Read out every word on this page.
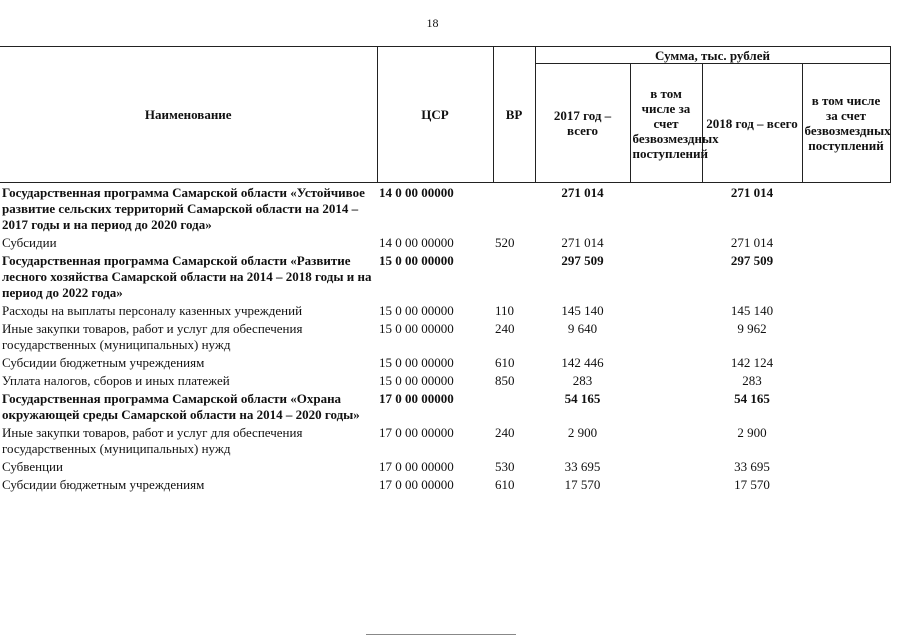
18
Наименование	ЦСР	ВР	Сумма, тыс. рублей			
			2017 год – всего	в том числе за счет безвозмездных поступлений	2018 год – всего	в том числе за счет безвозмездных поступлений
Государственная программа Самарской области «Устойчивое развитие сельских территорий Самарской области на 2014 – 2017 годы и на период до 2020 года»	14 0 00 00000		271 014		271 014	
Субсидии	14 0 00 00000	520	271 014		271 014	
Государственная программа Самарской области «Развитие лесного хозяйства Самарской области на 2014 – 2018 годы и на период до 2022 года»	15 0 00 00000		297 509		297 509	
Расходы на выплаты персоналу казенных учреждений	15 0 00 00000	110	145 140		145 140	
Иные закупки товаров, работ и услуг для обеспечения государственных (муниципальных) нужд	15 0 00 00000	240	9 640		9 962	
Субсидии бюджетным учреждениям	15 0 00 00000	610	142 446		142 124	
Уплата налогов, сборов и иных платежей	15 0 00 00000	850	283		283	
Государственная программа Самарской области «Охрана окружающей среды Самарской области на 2014 – 2020 годы»	17 0 00 00000		54 165		54 165	
Иные закупки товаров, работ и услуг для обеспечения государственных (муниципальных) нужд	17 0 00 00000	240	2 900		2 900	
Субвенции	17 0 00 00000	530	33 695		33 695	
Субсидии бюджетным учреждениям	17 0 00 00000	610	17 570		17 570	
